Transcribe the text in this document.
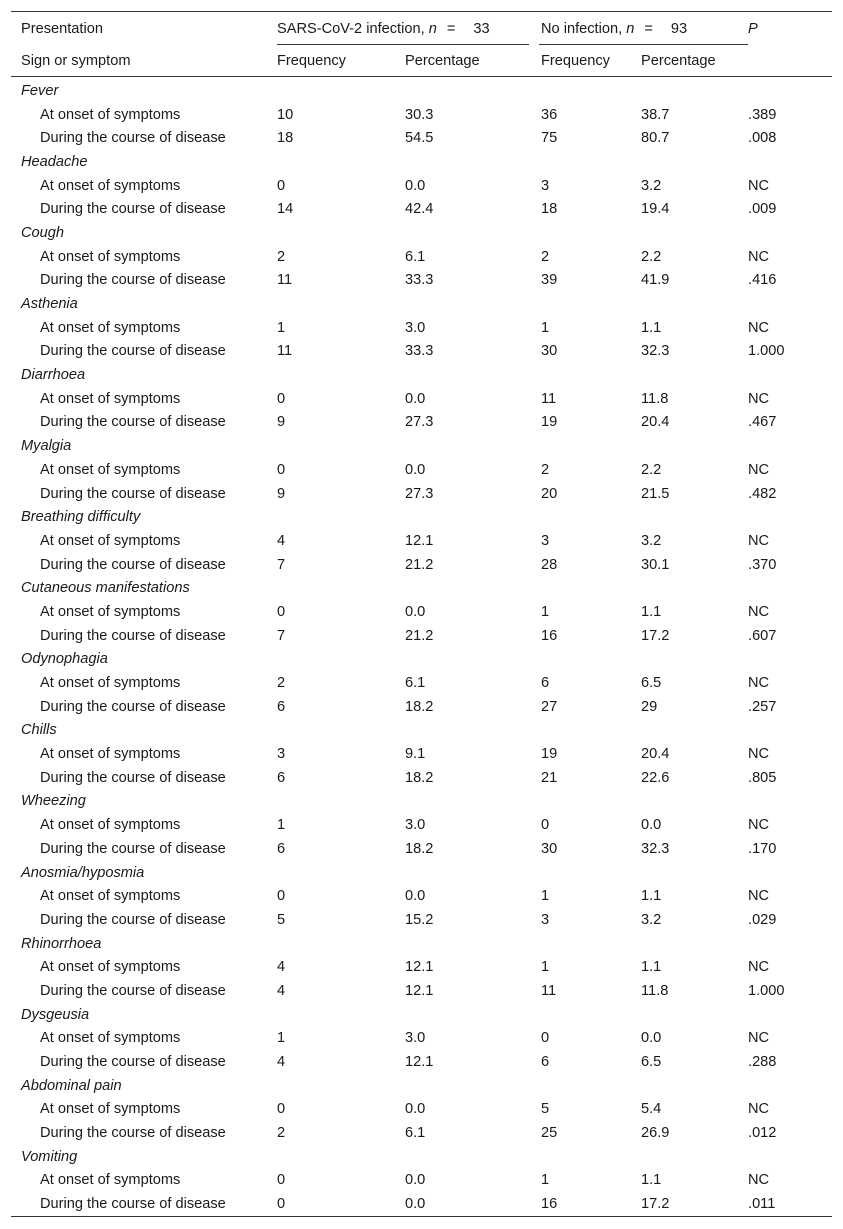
Presentation	SARS-CoV-2 infection, n = 33		No infection, n = 93		P
Sign or symptom	Frequency	Percentage	Frequency	Percentage	
Fever					
At onset of symptoms	10	30.3	36	38.7	.389
During the course of disease	18	54.5	75	80.7	.008
Headache					
At onset of symptoms	0	0.0	3	3.2	NC
During the course of disease	14	42.4	18	19.4	.009
Cough					
At onset of symptoms	2	6.1	2	2.2	NC
During the course of disease	11	33.3	39	41.9	.416
Asthenia					
At onset of symptoms	1	3.0	1	1.1	NC
During the course of disease	11	33.3	30	32.3	1.000
Diarrhoea					
At onset of symptoms	0	0.0	11	11.8	NC
During the course of disease	9	27.3	19	20.4	.467
Myalgia					
At onset of symptoms	0	0.0	2	2.2	NC
During the course of disease	9	27.3	20	21.5	.482
Breathing difficulty					
At onset of symptoms	4	12.1	3	3.2	NC
During the course of disease	7	21.2	28	30.1	.370
Cutaneous manifestations					
At onset of symptoms	0	0.0	1	1.1	NC
During the course of disease	7	21.2	16	17.2	.607
Odynophagia					
At onset of symptoms	2	6.1	6	6.5	NC
During the course of disease	6	18.2	27	29	.257
Chills					
At onset of symptoms	3	9.1	19	20.4	NC
During the course of disease	6	18.2	21	22.6	.805
Wheezing					
At onset of symptoms	1	3.0	0	0.0	NC
During the course of disease	6	18.2	30	32.3	.170
Anosmia/hyposmia					
At onset of symptoms	0	0.0	1	1.1	NC
During the course of disease	5	15.2	3	3.2	.029
Rhinorrhoea					
At onset of symptoms	4	12.1	1	1.1	NC
During the course of disease	4	12.1	11	11.8	1.000
Dysgeusia					
At onset of symptoms	1	3.0	0	0.0	NC
During the course of disease	4	12.1	6	6.5	.288
Abdominal pain					
At onset of symptoms	0	0.0	5	5.4	NC
During the course of disease	2	6.1	25	26.9	.012
Vomiting					
At onset of symptoms	0	0.0	1	1.1	NC
During the course of disease	0	0.0	16	17.2	.011
